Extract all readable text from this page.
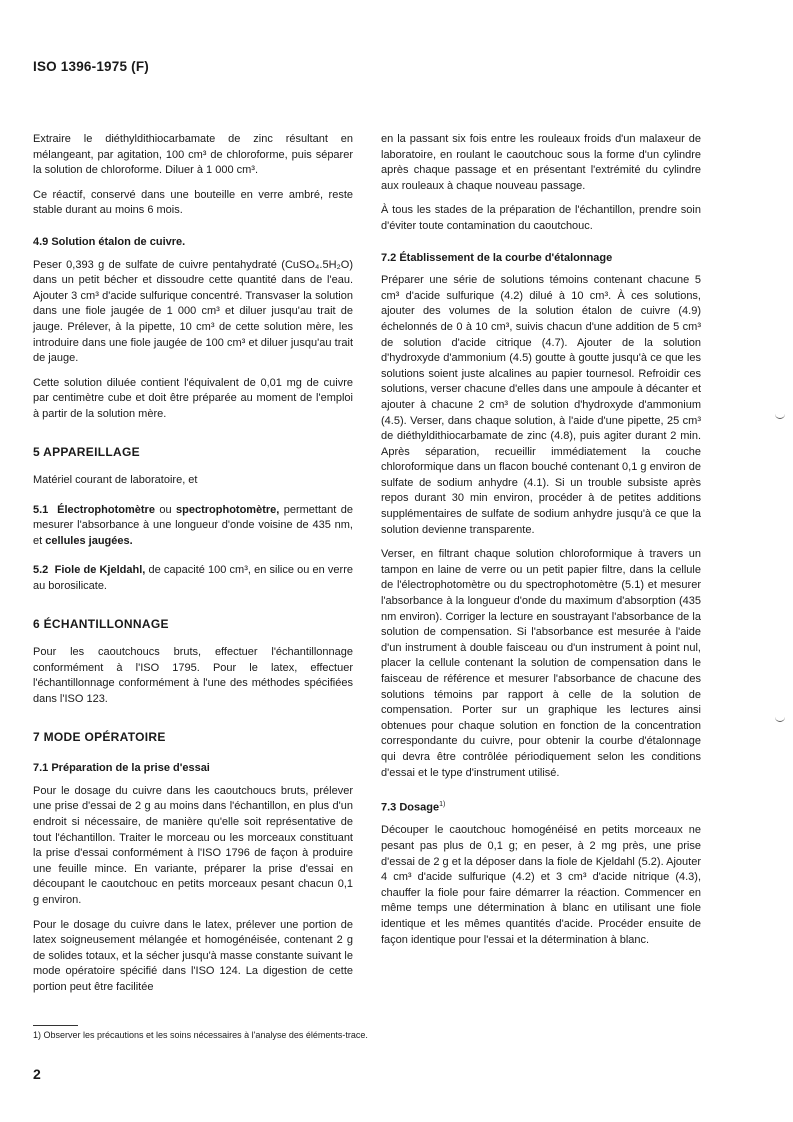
ISO 1396-1975 (F)

Extraire le diéthyldithiocarbamate de zinc résultant en mélangeant, par agitation, 100 cm³ de chloroforme, puis séparer la solution de chloroforme. Diluer à 1 000 cm³.

Ce réactif, conservé dans une bouteille en verre ambré, reste stable durant au moins 6 mois.

4.9 Solution étalon de cuivre.

Peser 0,393 g de sulfate de cuivre pentahydraté (CuSO₄.5H₂O) dans un petit bécher et dissoudre cette quantité dans de l'eau. Ajouter 3 cm³ d'acide sulfurique concentré. Transvaser la solution dans une fiole jaugée de 1 000 cm³ et diluer jusqu'au trait de jauge. Prélever, à la pipette, 10 cm³ de cette solution mère, les introduire dans une fiole jaugée de 100 cm³ et diluer jusqu'au trait de jauge.

Cette solution diluée contient l'équivalent de 0,01 mg de cuivre par centimètre cube et doit être préparée au moment de l'emploi à partir de la solution mère.

5 APPAREILLAGE

Matériel courant de laboratoire, et

5.1 Électrophotomètre ou spectrophotomètre, permettant de mesurer l'absorbance à une longueur d'onde voisine de 435 nm, et cellules jaugées.

5.2 Fiole de Kjeldahl, de capacité 100 cm³, en silice ou en verre au borosilicate.

6 ÉCHANTILLONNAGE

Pour les caoutchoucs bruts, effectuer l'échantillonnage conformément à l'ISO 1795. Pour le latex, effectuer l'échantillonnage conformément à l'une des méthodes spécifiées dans l'ISO 123.

7 MODE OPÉRATOIRE
7.1 Préparation de la prise d'essai

Pour le dosage du cuivre dans les caoutchoucs bruts, prélever une prise d'essai de 2 g au moins dans l'échantillon, en plus d'un endroit si nécessaire, de manière qu'elle soit représentative de tout l'échantillon. Traiter le morceau ou les morceaux constituant la prise d'essai conformément à l'ISO 1796 de façon à produire une feuille mince. En variante, préparer la prise d'essai en découpant le caoutchouc en petits morceaux pesant chacun 0,1 g environ.

Pour le dosage du cuivre dans le latex, prélever une portion de latex soigneusement mélangée et homogénéisée, contenant 2 g de solides totaux, et la sécher jusqu'à masse constante suivant le mode opératoire spécifié dans l'ISO 124. La digestion de cette portion peut être facilitée

en la passant six fois entre les rouleaux froids d'un malaxeur de laboratoire, en roulant le caoutchouc sous la forme d'un cylindre après chaque passage et en présentant l'extrémité du cylindre aux rouleaux à chaque nouveau passage.

À tous les stades de la préparation de l'échantillon, prendre soin d'éviter toute contamination du caoutchouc.

7.2 Établissement de la courbe d'étalonnage

Préparer une série de solutions témoins contenant chacune 5 cm³ d'acide sulfurique (4.2) dilué à 10 cm³. À ces solutions, ajouter des volumes de la solution étalon de cuivre (4.9) échelonnés de 0 à 10 cm³, suivis chacun d'une addition de 5 cm³ de solution d'acide citrique (4.7). Ajouter de la solution d'hydroxyde d'ammonium (4.5) goutte à goutte jusqu'à ce que les solutions soient juste alcalines au papier tournesol. Refroidir ces solutions, verser chacune d'elles dans une ampoule à décanter et ajouter à chacune 2 cm³ de solution d'hydroxyde d'ammonium (4.5). Verser, dans chaque solution, à l'aide d'une pipette, 25 cm³ de diéthyldithiocarbamate de zinc (4.8), puis agiter durant 2 min. Après séparation, recueillir immédiatement la couche chloroformique dans un flacon bouché contenant 0,1 g environ de sulfate de sodium anhydre (4.1). Si un trouble subsiste après repos durant 30 min environ, procéder à de petites additions supplémentaires de sulfate de sodium anhydre jusqu'à ce que la solution devienne transparente.

Verser, en filtrant chaque solution chloroformique à travers un tampon en laine de verre ou un petit papier filtre, dans la cellule de l'électrophotomètre ou du spectrophotomètre (5.1) et mesurer l'absorbance à la longueur d'onde du maximum d'absorption (435 nm environ). Corriger la lecture en soustrayant l'absorbance de la solution de compensation. Si l'absorbance est mesurée à l'aide d'un instrument à double faisceau ou d'un instrument à point nul, placer la cellule contenant la solution de compensation dans le faisceau de référence et mesurer l'absorbance de chacune des solutions témoins par rapport à celle de la solution de compensation. Porter sur un graphique les lectures ainsi obtenues pour chaque solution en fonction de la concentration correspondante du cuivre, pour obtenir la courbe d'étalonnage qui devra être contrôlée périodiquement selon les conditions d'essai et le type d'instrument utilisé.

7.3 Dosage$^{1)}$

Découper le caoutchouc homogénéisé en petits morceaux ne pesant pas plus de 0,1 g; en peser, à 2 mg près, une prise d'essai de 2 g et la déposer dans la fiole de Kjeldahl (5.2). Ajouter 4 cm³ d'acide sulfurique (4.2) et 3 cm³ d'acide nitrique (4.3), chauffer la fiole pour faire démarrer la réaction. Commencer en même temps une détermination à blanc en utilisant une fiole identique et les mêmes quantités d'acide. Procéder ensuite de façon identique pour l'essai et la détermination à blanc.

1) Observer les précautions et les soins nécessaires à l'analyse des éléments-trace.
2
